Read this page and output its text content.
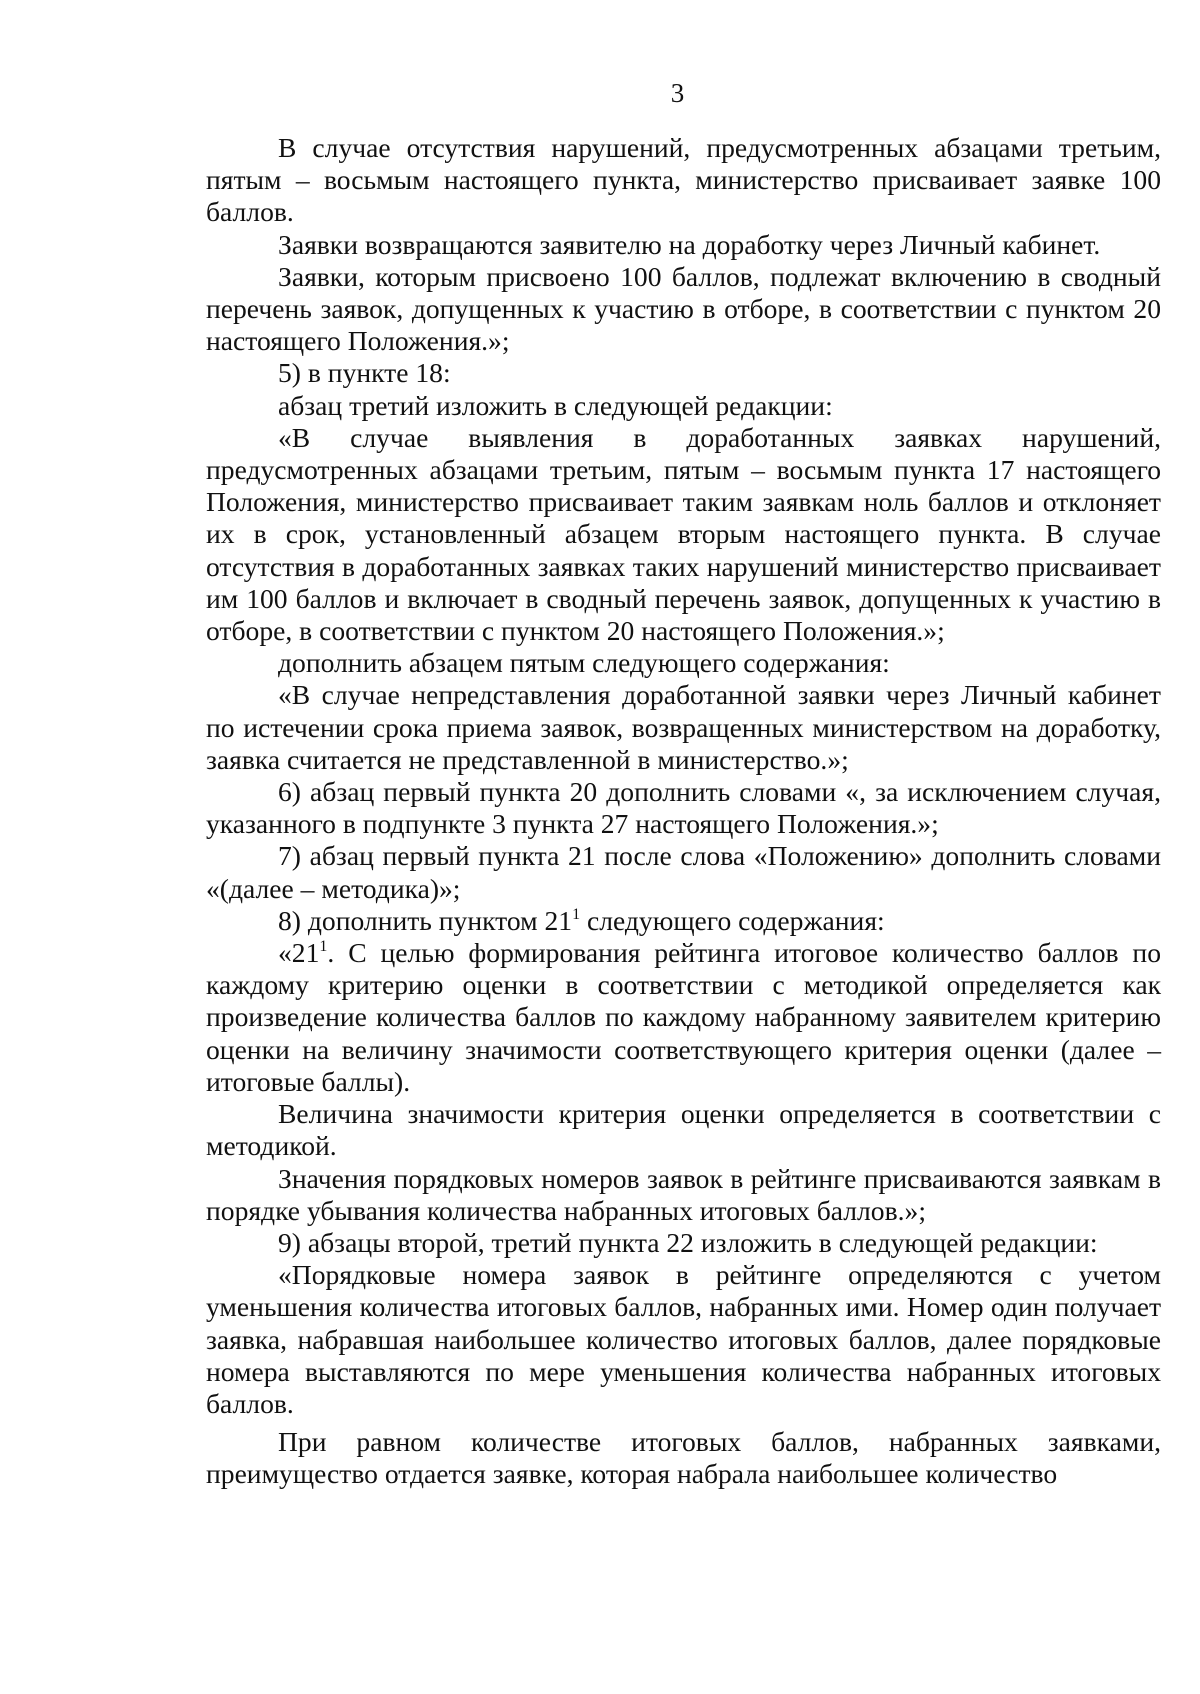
3

В случае отсутствия нарушений, предусмотренных абзацами третьим, пятым – восьмым настоящего пункта, министерство присваивает заявке 100 баллов.

Заявки возвращаются заявителю на доработку через Личный кабинет.

Заявки, которым присвоено 100 баллов, подлежат включению в сводный перечень заявок, допущенных к участию в отборе, в соответствии с пунктом 20 настоящего Положения.»;

5) в пункте 18:

абзац третий изложить в следующей редакции:

«В случае выявления в доработанных заявках нарушений, предусмотренных абзацами третьим, пятым – восьмым пункта 17 настоящего Положения, министерство присваивает таким заявкам ноль баллов и отклоняет их в срок, установленный абзацем вторым настоящего пункта. В случае отсутствия в доработанных заявках таких нарушений министерство присваивает им 100 баллов и включает в сводный перечень заявок, допущенных к участию в отборе, в соответствии с пунктом 20 настоящего Положения.»;

дополнить абзацем пятым следующего содержания:

«В случае непредставления доработанной заявки через Личный кабинет по истечении срока приема заявок, возвращенных министерством на доработку, заявка считается не представленной в министерство.»;

6) абзац первый пункта 20 дополнить словами «, за исключением случая, указанного в подпункте 3 пункта 27 настоящего Положения.»;

7) абзац первый пункта 21 после слова «Положению» дополнить словами «(далее – методика)»;

8) дополнить пунктом $21^1$ следующего содержания:

«$21^1$. С целью формирования рейтинга итоговое количество баллов по каждому критерию оценки в соответствии с методикой определяется как произведение количества баллов по каждому набранному заявителем критерию оценки на величину значимости соответствующего критерия оценки (далее – итоговые баллы).

Величина значимости критерия оценки определяется в соответствии с методикой.

Значения порядковых номеров заявок в рейтинге присваиваются заявкам в порядке убывания количества набранных итоговых баллов.»;

9) абзацы второй, третий пункта 22 изложить в следующей редакции:

«Порядковые номера заявок в рейтинге определяются с учетом уменьшения количества итоговых баллов, набранных ими. Номер один получает заявка, набравшая наибольшее количество итоговых баллов, далее порядковые номера выставляются по мере уменьшения количества набранных итоговых баллов.

При равном количестве итоговых баллов, набранных заявками, преимущество отдается заявке, которая набрала наибольшее количество
